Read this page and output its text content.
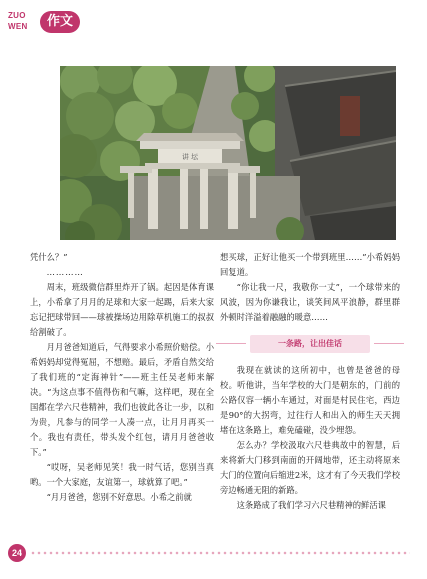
ZUO
WEN	作文
讲 坛

凭什么？”

…………

周末，班级微信群里炸开了锅。起因是体育课上，小希拿了月月的足球和大家一起踢，后来大家忘记把球带回——球被操场边用除草机施工的叔叔给割破了。

月月爸爸知道后，气得要求小希照价赔偿。小希妈妈却觉得冤屈，不想赔。最后，矛盾自然交给了我们班的“定海神针”——班主任吴老师来解决。“为这点事不值得伤和气嘛，这样吧，现在全国都在学六尺巷精神，我们也彼此各让一步，以和为贵，凡参与的同学一人凑一点，让月月再买一个。我也有责任，带头发个红包，请月月爸爸收下。”

“哎呀，吴老师见笑！我一时气话，您别当真哟。一个大家庭，友谊第一，球就算了吧。”

“月月爸爸，您别不好意思。小希之前就

想买球，正好让他买一个带到班里……”小希妈妈回复道。

“你让我一尺，我敬你一丈”，一个球带来的风波，因为你谦我让，谈笑间风平浪静，群里群外顿时洋溢着融融的暖意……

一条路，让出佳话

我现在就读的这所初中，也曾是爸爸的母校。听他讲，当年学校的大门是朝东的，门前的公路仅容一辆小车通过，对面是村民住宅，西边是90°的大拐弯，过往行人和出入的师生天天拥堵在这条路上，难免磕碰，没少埋怨。

怎么办？学校汲取六尺巷典故中的智慧，后来将新大门移到南面的开阔地带，还主动将原来大门的位置向后缩进2米，这才有了今天我们学校旁边畅通无阻的新路。

这条路成了我们学习六尺巷精神的鲜活课

24
